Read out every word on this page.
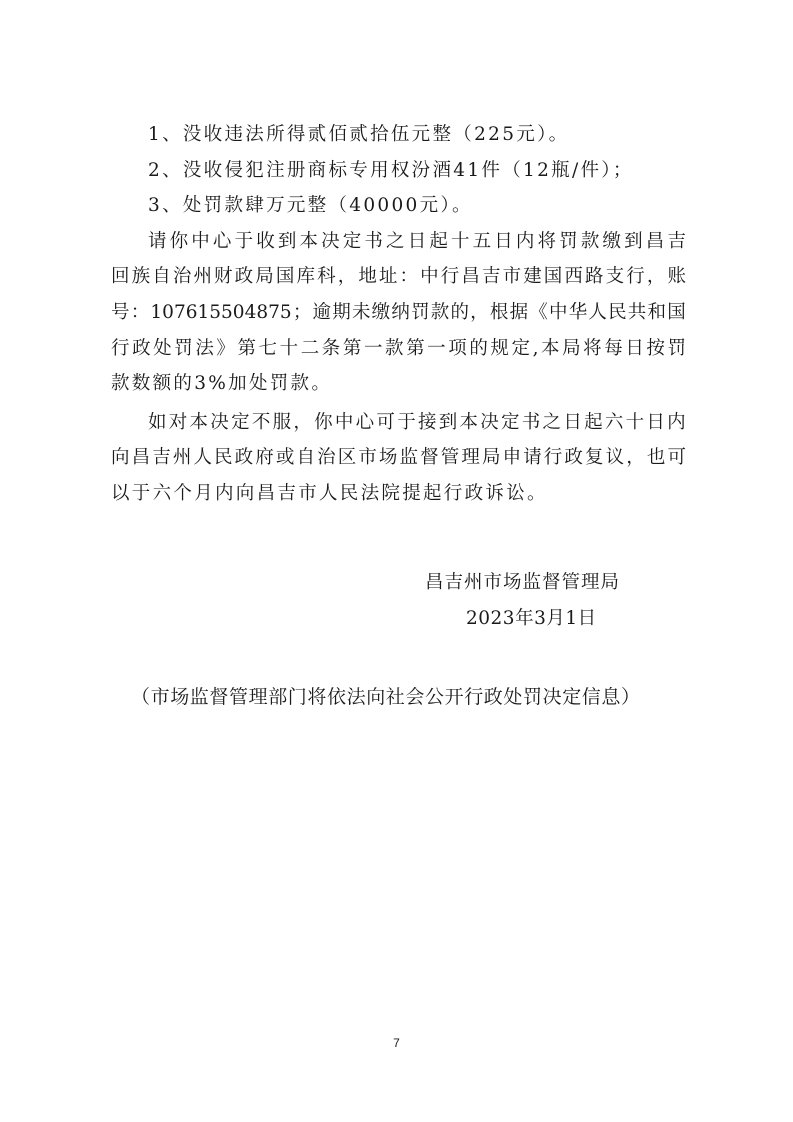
1、没收违法所得贰佰贰拾伍元整（225元）。
2、没收侵犯注册商标专用权汾酒41件（12瓶/件）；
3、处罚款肆万元整（40000元）。
请 你 中 心 于 收 到 本 决 定 书 之 日 起 十 五 日 内 将 罚 款 缴 到 昌 吉
回 族 自 治 州 财 政 局 国 库 科 ， 地 址 ： 中 行 昌 吉 市 建 国 西 路 支 行 ， 账
号 ： 107615504875 ； 逾 期 未 缴 纳 罚 款 的 ， 根 据 《 中 华 人 民 共 和 国
行 政 处 罚 法 》 第 七 十 二 条 第 一 款 第 一 项 的 规 定 , 本 局 将 每 日 按 罚
款数额的3%加处罚款。
如 对 本 决 定 不 服 ， 你 中 心 可 于 接 到 本 决 定 书 之 日 起 六 十 日 内
向 昌 吉 州 人 民 政 府 或 自 治 区 市 场 监 督 管 理 局 申 请 行 政 复 议 ， 也 可
以于六个月内向昌吉市人民法院提起行政诉讼。
昌吉州市场监督管理局
2023年3月1日
（市场监督管理部门将依法向社会公开行政处罚决定信息）
7
